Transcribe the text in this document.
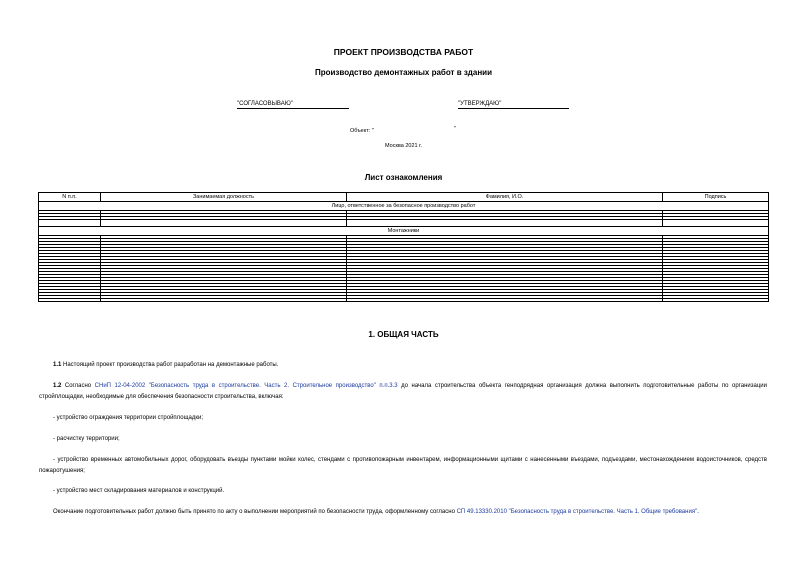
ПРОЕКТ ПРОИЗВОДСТВА РАБОТ
Производство демонтажных работ в здании
"СОГЛАСОВЫВАЮ"	"УТВЕРЖДАЮ"
Объект: "	"
Москва 2021 г.
Лист ознакомления
N п.п.	Занимаемая должность	Фамилия, И.О.	Подпись
Лицо, ответственное за безопасное производство работ			

Монтажники			

1. ОБЩАЯ ЧАСТЬ
1.1 Настоящий проект производства работ разработан на демонтажные работы.
1.2 Согласно СНиП 12-04-2002 "Безопасность труда в строительстве. Часть 2. Строительное производство" п.п.3.3 до начала строительства объекта генподрядная организация должна выполнить подготовительные работы по организации стройплощадки, необходимые для обеспечения безопасности строительства, включая:
- устройство ограждения территории стройплощадки;
- расчистку территории;
- устройство временных автомобильных дорог, оборудовать въезды пунктами мойки колес, стендами с противопожарным инвентарем, информационными щитами с нанесенными въездами, подъездами, местонахождением водоисточников, средств пожаротушения;
- устройство мест складирования материалов и конструкций.
Окончание подготовительных работ должно быть принято по акту о выполнении мероприятий по безопасности труда, оформленному согласно СП 49.13330.2010 "Безопасность труда в строительстве. Часть 1. Общие требования".
